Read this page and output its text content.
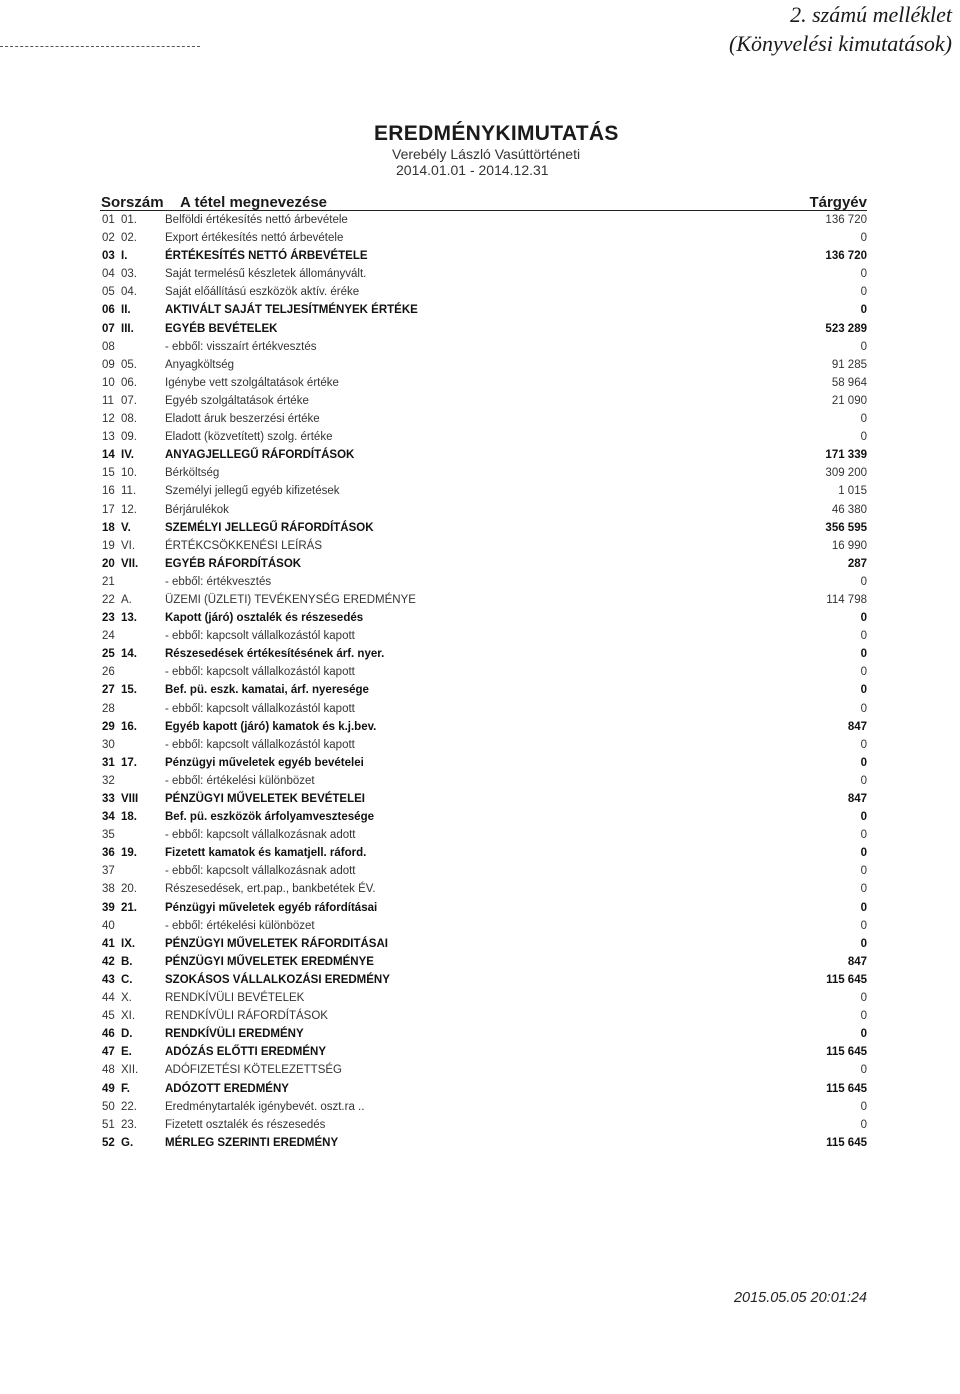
2. számú melléklet
(Könyvelési kimutatások)
EREDMÉNYKIMUTATÁS
Verebély László Vasúttörténeti
2014.01.01 - 2014.12.31
Sorszám A tétel megnevezése	Tárgyév
01 01. Belföldi értékesítés nettó árbevétele	136 720
02 02. Export értékesítés nettó árbevétele	0
03 I.	ÉRTÉKESÍTÉS NETTÓ ÁRBEVÉTELE	136 720
04 03. Saját termelésű készletek állományvált.	0
05 04. Saját előállítású eszközök aktív. éréke	0
06 II.	AKTIVÁLT SAJÁT TELJESÍTMÉNYEK ÉRTÉKE	0
07 III.	EGYÉB BEVÉTELEK	523 289
08	- ebből: visszaírt értékvesztés	0
09 05. Anyagköltség	91 285
10 06. Igénybe vett szolgáltatások értéke	58 964
11 07. Egyéb szolgáltatások értéke	21 090
12 08. Eladott áruk beszerzési értéke	0
13 09. Eladott (közvetített) szolg. értéke	0
14 IV.	ANYAGJELLEGŰ RÁFORDÍTÁSOK	171 339
15 10. Bérköltség	309 200
16 11.	Személyi jellegű egyéb kifizetések	1 015
17 12. Bérjárulékok	46 380
18 V.	SZEMÉLYI JELLEGŰ RÁFORDÍTÁSOK	356 595
19 VI.	ÉRTÉKCSÖKKENÉSI LEÍRÁS	16 990
20 VII. EGYÉB RÁFORDÍTÁSOK	287
21	- ebből: értékvesztés	0
22 A.	ÜZEMI (ÜZLETI) TEVÉKENYSÉG EREDMÉNYE	114 798
23 13. Kapott (járó) osztalék és részesedés	0
24	- ebből: kapcsolt vállalkozástól kapott	0
25 14. Részesedések értékesítésének árf. nyer.	0
26	- ebből: kapcsolt vállalkozástól kapott	0
27 15. Bef. pü. eszk. kamatai, árf. nyeresége	0
28	- ebből: kapcsolt vállalkozástól kapott	0
29 16. Egyéb kapott (járó) kamatok és k.j.bev.	847
30	- ebből: kapcsolt vállalkozástól kapott	0
31 17. Pénzügyi műveletek egyéb bevételei	0
32	- ebből: értékelési különbözet	0
33 VIII PÉNZÜGYI MŰVELETEK BEVÉTELEI	847
34 18. Bef. pü. eszközök árfolyamvesztesége	0
35	- ebből: kapcsolt vállalkozásnak adott	0
36 19. Fizetett kamatok és kamatjell. ráford.	0
37	- ebből: kapcsolt vállalkozásnak adott	0
38 20. Részesedések, ert.pap., bankbetétek ÉV.	0
39 21. Pénzügyi műveletek egyéb ráfordításai	0
40	- ebből: értékelési különbözet	0
41 IX.	PÉNZÜGYI MŰVELETEK RÁFORDITÁSAI	0
42 B.	PÉNZÜGYI MŰVELETEK EREDMÉNYE	847
43 C.	SZOKÁSOS VÁLLALKOZÁSI EREDMÉNY	115 645
44 X.	RENDKÍVÜLI BEVÉTELEK	0
45 XI.	RENDKÍVÜLI RÁFORDÍTÁSOK	0
46 D.	RENDKÍVÜLI EREDMÉNY	0
47 E.	ADÓZÁS ELŐTTI EREDMÉNY	115 645
48 XII. ADÓFIZETÉSI KÖTELEZETTSÉG	0
49 F.	ADÓZOTT EREDMÉNY	115 645
50 22. Eredménytartalék igénybevét. oszt.ra ..	0
51 23. Fizetett osztalék és részesedés	0
52 G.	MÉRLEG SZERINTI EREDMÉNY	115 645
2015.05.05 20:01:24
